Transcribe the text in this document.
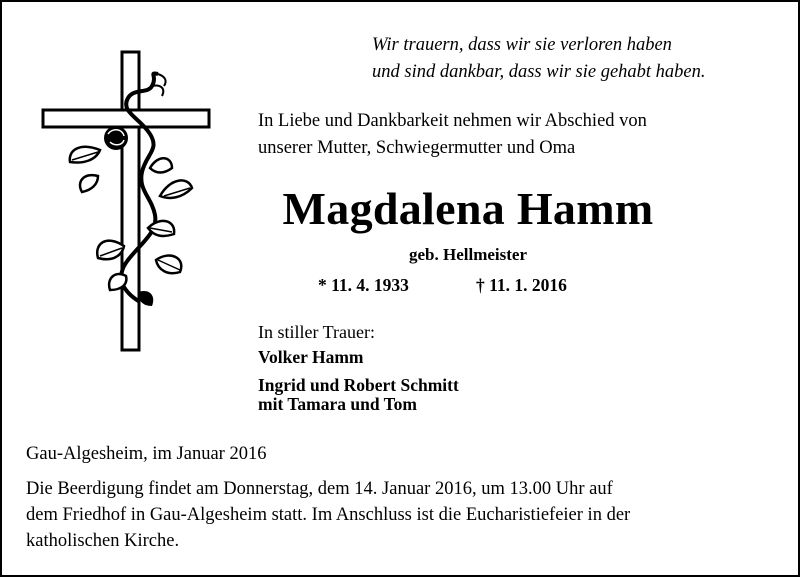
Wir trauern, dass wir sie verloren haben
und sind dankbar, dass wir sie gehabt haben.
In Liebe und Dankbarkeit nehmen wir Abschied von
unserer Mutter, Schwiegermutter und Oma
Magdalena Hamm
geb. Hellmeister
* 11. 4. 1933	† 11. 1. 2016
In stiller Trauer:
Volker Hamm
Ingrid und Robert Schmitt
mit Tamara und Tom
Gau-Algesheim, im Januar 2016
Die Beerdigung findet am Donnerstag, dem 14. Januar 2016, um 13.00 Uhr auf
dem Friedhof in Gau-Algesheim statt. Im Anschluss ist die Eucharistiefeier in der
katholischen Kirche.
